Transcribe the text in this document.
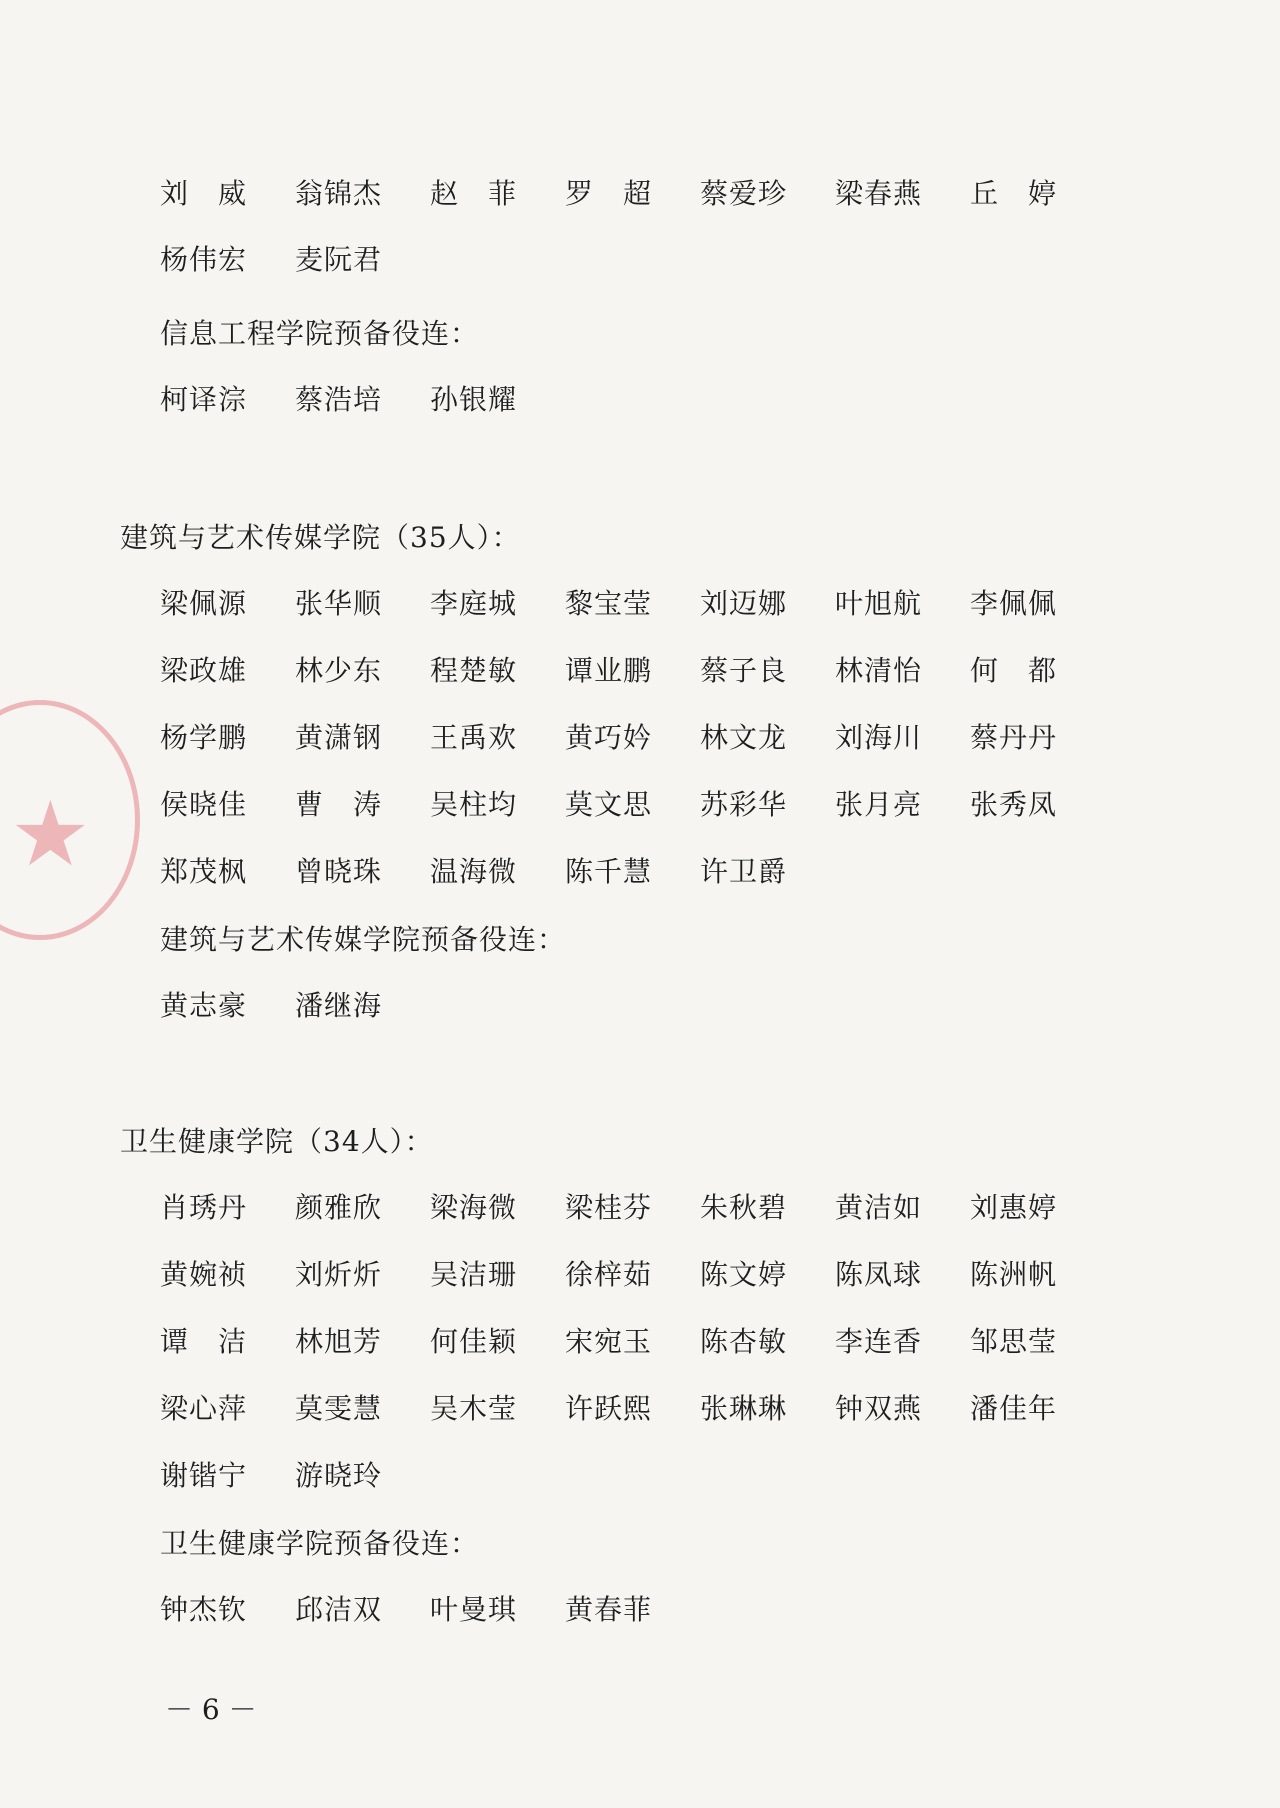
★
刘　威	翁锦杰	赵　菲	罗　超	蔡爱珍	梁春燕	丘　婷
杨伟宏	麦阮君
信息工程学院预备役连：
柯译淙	蔡浩培	孙银耀
建筑与艺术传媒学院（35人）：
梁佩源	张华顺	李庭城	黎宝莹	刘迈娜	叶旭航	李佩佩
梁政雄	林少东	程楚敏	谭业鹏	蔡子良	林清怡	何　都
杨学鹏	黄潇钢	王禹欢	黄巧妗	林文龙	刘海川	蔡丹丹
侯晓佳	曹　涛	吴柱均	莫文思	苏彩华	张月亮	张秀凤
郑茂枫	曾晓珠	温海微	陈千慧	许卫爵
建筑与艺术传媒学院预备役连：
黄志豪	潘继海
卫生健康学院（34人）：
肖琇丹	颜雅欣	梁海微	梁桂芬	朱秋碧	黄洁如	刘惠婷
黄婉祯	刘炘炘	吴洁珊	徐梓茹	陈文婷	陈凤球	陈洲帆
谭　洁	林旭芳	何佳颖	宋宛玉	陈杏敏	李连香	邹思莹
梁心萍	莫雯慧	吴木莹	许跃熙	张琳琳	钟双燕	潘佳年
谢锴宁	游晓玲
卫生健康学院预备役连：
钟杰钦	邱洁双	叶曼琪	黄春菲
－ 6 －
